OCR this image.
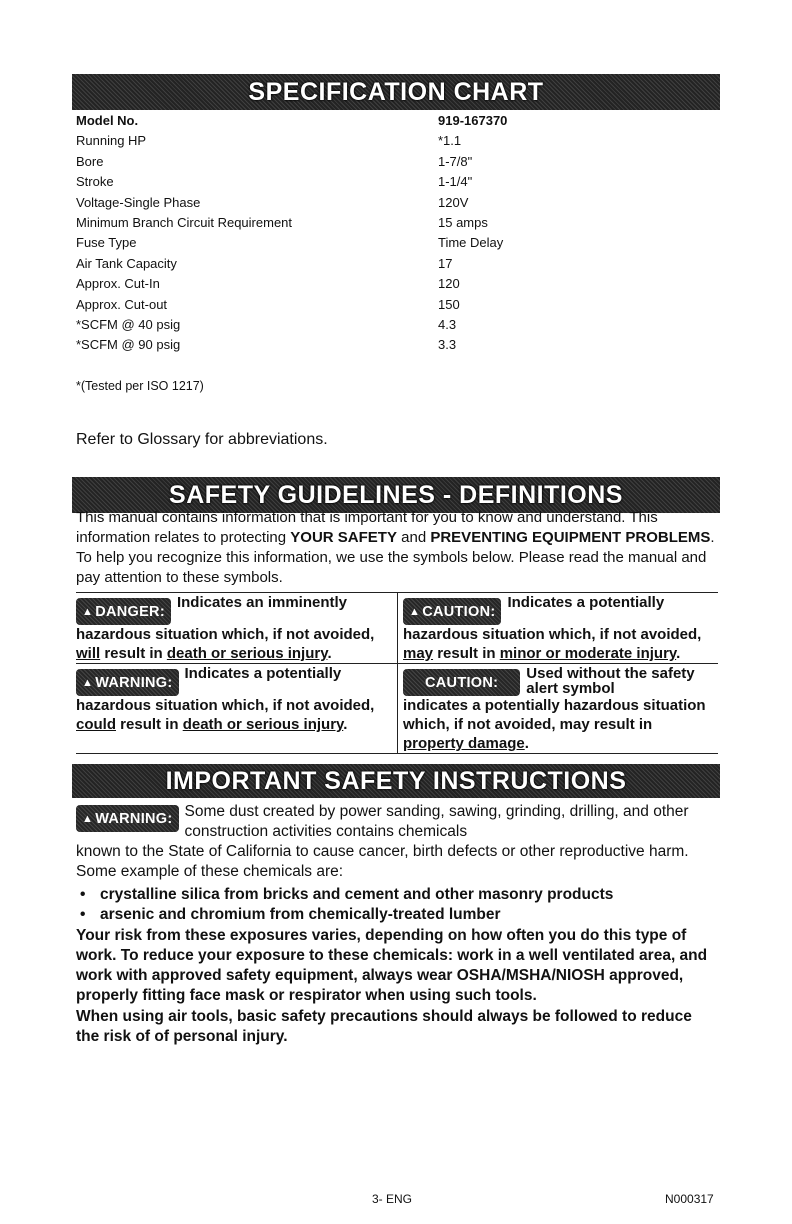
SPECIFICATION CHART
Model No.	919-167370
Running HP	*1.1
Bore	1-7/8"
Stroke	1-1/4"
Voltage-Single Phase	120V
Minimum Branch Circuit Requirement	15 amps
Fuse Type	Time Delay
Air Tank Capacity	17
Approx. Cut-In	120
Approx. Cut-out	150
*SCFM @ 40 psig	4.3
*SCFM @ 90 psig	3.3
*(Tested per ISO 1217)
Refer to Glossary for abbreviations.
SAFETY GUIDELINES - DEFINITIONS
This manual contains information that is important for you to know and understand. This information relates to protecting YOUR SAFETY and PREVENTING EQUIPMENT PROBLEMS. To help you recognize this information, we use the symbols below. Please read the manual and pay attention to these symbols.
▲ DANGER:
Indicates an imminently
hazardous situation which, if not avoided, will result in death or serious injury.
▲ CAUTION:
Indicates a potentially
hazardous situation which, if not avoided, may result in minor or moderate injury.
▲ WARNING:
Indicates a potentially
hazardous situation which, if not avoided, could result in death or serious injury.
CAUTION:
Used without the safety alert symbol
indicates a potentially hazardous situation which, if not avoided, may result in property damage.
IMPORTANT SAFETY INSTRUCTIONS
▲ WARNING: Some dust created by power sanding, sawing, grinding, drilling, and other construction activities contains chemicals
known to the State of California to cause cancer, birth defects or other reproductive harm. Some example of these chemicals are:
• crystalline silica from bricks and cement and other masonry products
• arsenic and chromium from chemically-treated lumber
Your risk from these exposures varies, depending on how often you do this type of work. To reduce your exposure to these chemicals: work in a well ventilated area, and work with approved safety equipment, always wear OSHA/MSHA/NIOSH approved, properly fitting face mask or respirator when using such tools.
When using air tools, basic safety precautions should always be followed to reduce the risk of of personal injury.
3- ENG	N000317
